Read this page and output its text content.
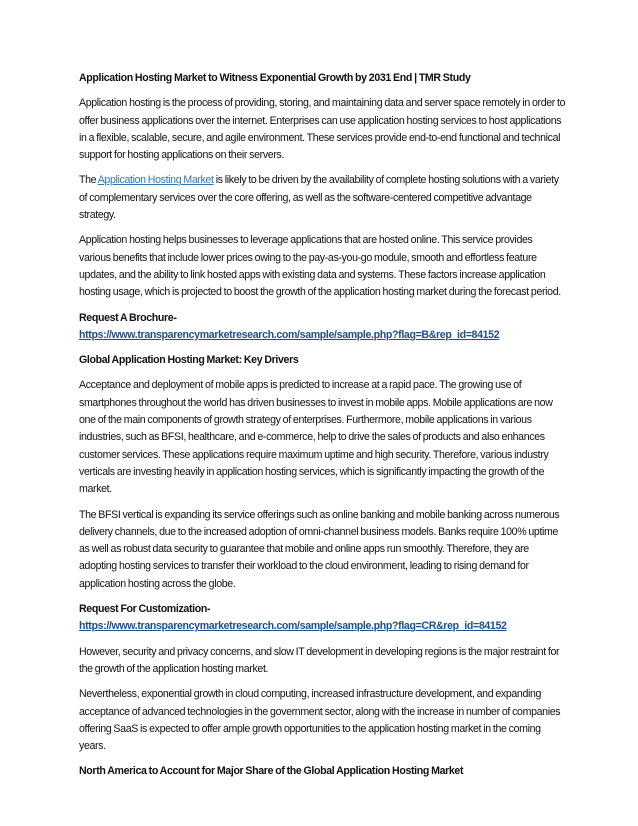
Application Hosting Market to Witness Exponential Growth by 2031 End | TMR Study

Application hosting is the process of providing, storing, and maintaining data and server space remotely in order to offer business applications over the internet. Enterprises can use application hosting services to host applications in a flexible, scalable, secure, and agile environment. These services provide end-to-end functional and technical support for hosting applications on their servers.

The Application Hosting Market is likely to be driven by the availability of complete hosting solutions with a variety of complementary services over the core offering, as well as the software-centered competitive advantage strategy.

Application hosting helps businesses to leverage applications that are hosted online. This service provides various benefits that include lower prices owing to the pay-as-you-go module, smooth and effortless feature updates, and the ability to link hosted apps with existing data and systems. These factors increase application hosting usage, which is projected to boost the growth of the application hosting market during the forecast period.

Request A Brochure-
https://www.transparencymarketresearch.com/sample/sample.php?flag=B&rep_id=84152

Global Application Hosting Market: Key Drivers

Acceptance and deployment of mobile apps is predicted to increase at a rapid pace. The growing use of smartphones throughout the world has driven businesses to invest in mobile apps. Mobile applications are now one of the main components of growth strategy of enterprises. Furthermore, mobile applications in various industries, such as BFSI, healthcare, and e-commerce, help to drive the sales of products and also enhances customer services. These applications require maximum uptime and high security. Therefore, various industry verticals are investing heavily in application hosting services, which is significantly impacting the growth of the market.

The BFSI vertical is expanding its service offerings such as online banking and mobile banking across numerous delivery channels, due to the increased adoption of omni-channel business models. Banks require 100% uptime as well as robust data security to guarantee that mobile and online apps run smoothly. Therefore, they are adopting hosting services to transfer their workload to the cloud environment, leading to rising demand for application hosting across the globe.

Request For Customization-
https://www.transparencymarketresearch.com/sample/sample.php?flag=CR&rep_id=84152

However, security and privacy concerns, and slow IT development in developing regions is the major restraint for the growth of the application hosting market.

Nevertheless, exponential growth in cloud computing, increased infrastructure development, and expanding acceptance of advanced technologies in the government sector, along with the increase in number of companies offering SaaS is expected to offer ample growth opportunities to the application hosting market in the coming years.

North America to Account for Major Share of the Global Application Hosting Market
